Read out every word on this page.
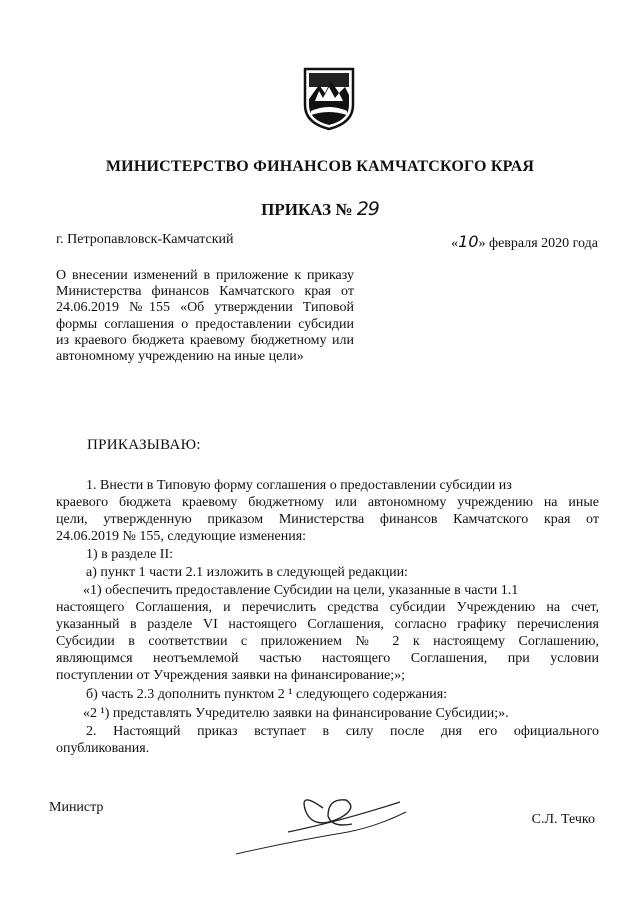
МИНИСТЕРСТВО ФИНАНСОВ КАМЧАТСКОГО КРАЯ
ПРИКАЗ № 29
г. Петропавловск-Камчатский	«10» февраля 2020 года
О внесении изменений в приложение к приказу Министерства финансов Камчатского края от 24.06.2019 №155 «Об утверждении Типовой формы соглашения о предоставлении субсидии из краевого бюджета краевому бюджетному или автономному учреждению на иные цели»
ПРИКАЗЫВАЮ:
1. Внести в Типовую форму соглашения о предоставлении субсидии из
краевого бюджета краевому бюджетному или автономному учреждению на иные
цели, утвержденную приказом Министерства финансов Камчатского края от
24.06.2019 № 155, следующие изменения:
1) в разделе II:
а) пункт 1 части 2.1 изложить в следующей редакции:
«1) обеспечить предоставление Субсидии на цели, указанные в части 1.1
настоящего Соглашения, и перечислить средства субсидии Учреждению на счет,
указанный в разделе VI настоящего Соглашения, согласно графику перечисления
Субсидии в соответствии с приложением № 2 к настоящему Соглашению,
являющимся неотъемлемой частью настоящего Соглашения, при условии
поступлении от Учреждения заявки на финансирование;»;
б) часть 2.3 дополнить пунктом 2 ¹ следующего содержания:
«2 ¹) представлять Учредителю заявки на финансирование Субсидии;».
2. Настоящий приказ вступает в силу после дня его официального
опубликования.
Министр
С.Л. Течко
